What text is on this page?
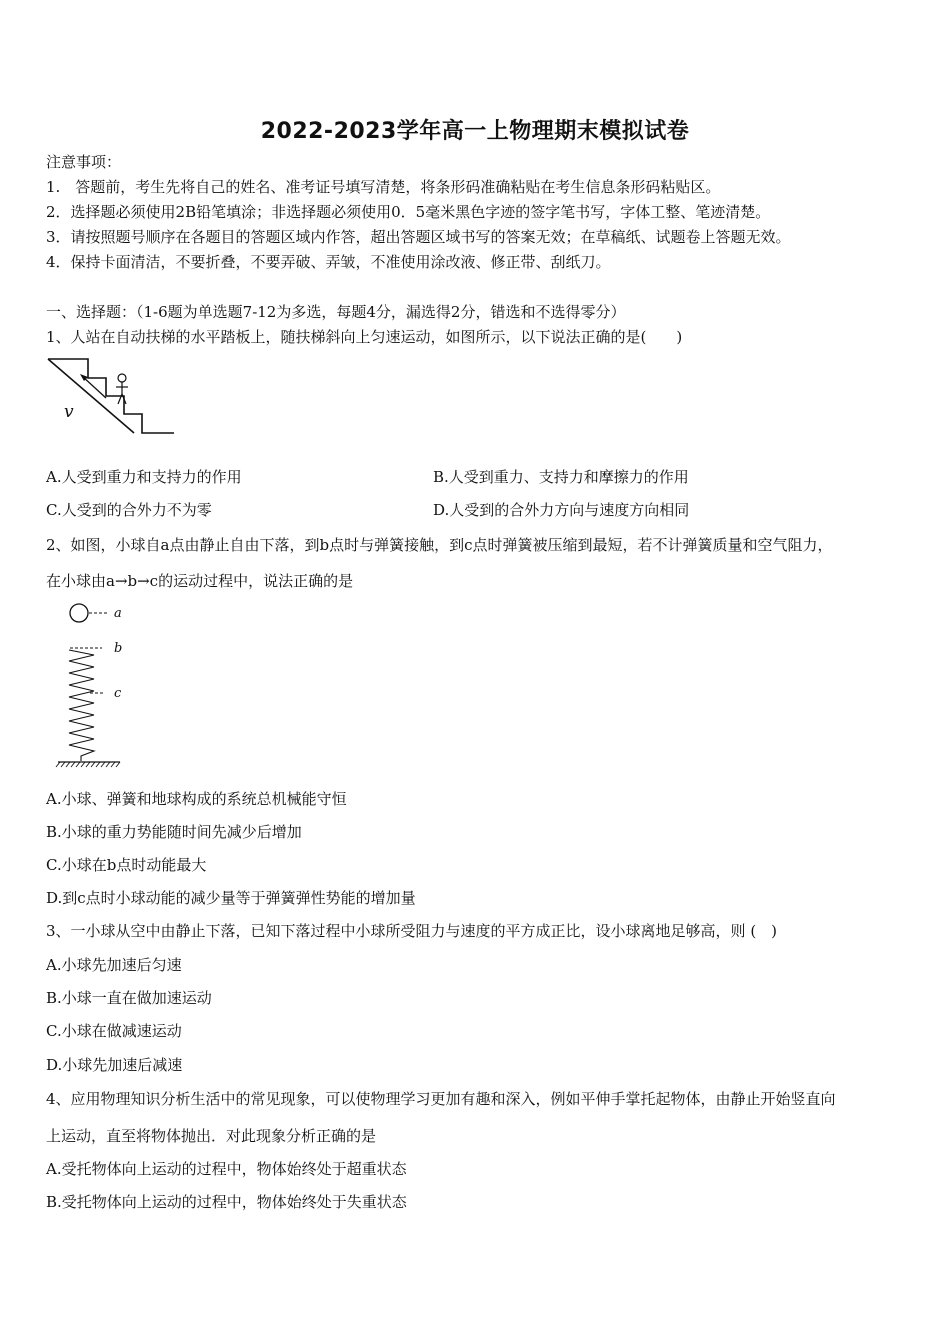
2022-2023学年高一上物理期末模拟试卷
注意事项：
1.　答题前，考生先将自己的姓名、准考证号填写清楚，将条形码准确粘贴在考生信息条形码粘贴区。
2．选择题必须使用2B铅笔填涂；非选择题必须使用0．5毫米黑色字迹的签字笔书写，字体工整、笔迹清楚。
3．请按照题号顺序在各题目的答题区域内作答，超出答题区域书写的答案无效；在草稿纸、试题卷上答题无效。
4．保持卡面清洁，不要折叠，不要弄破、弄皱，不准使用涂改液、修正带、刮纸刀。
一、选择题：（1-6题为单选题7-12为多选，每题4分，漏选得2分，错选和不选得零分）
1、人站在自动扶梯的水平踏板上，随扶梯斜向上匀速运动，如图所示，以下说法正确的是(　　)
v
A.人受到重力和支持力的作用	B.人受到重力、支持力和摩擦力的作用
C.人受到的合外力不为零	D.人受到的合外力方向与速度方向相同
2、如图，小球自a点由静止自由下落，到b点时与弹簧接触，到c点时弹簧被压缩到最短，若不计弹簧质量和空气阻力，
在小球由a→b→c的运动过程中，说法正确的是
a
b
c
A.小球、弹簧和地球构成的系统总机械能守恒
B.小球的重力势能随时间先减少后增加
C.小球在b点时动能最大
D.到c点时小球动能的减少量等于弹簧弹性势能的增加量
3、一小球从空中由静止下落，已知下落过程中小球所受阻力与速度的平方成正比，设小球离地足够高，则 (　)
A.小球先加速后匀速
B.小球一直在做加速运动
C.小球在做减速运动
D.小球先加速后减速
4、应用物理知识分析生活中的常见现象，可以使物理学习更加有趣和深入，例如平伸手掌托起物体，由静止开始竖直向
上运动，直至将物体抛出．对此现象分析正确的是
A.受托物体向上运动的过程中，物体始终处于超重状态
B.受托物体向上运动的过程中，物体始终处于失重状态
